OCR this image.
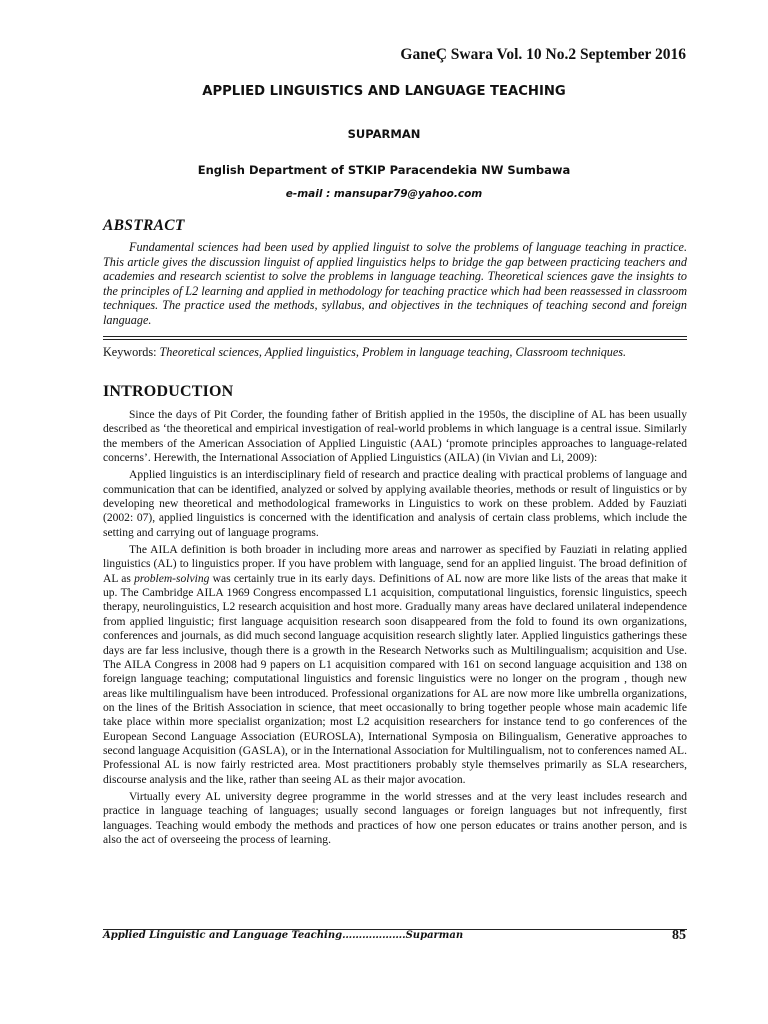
GaneÇ Swara Vol. 10 No.2 September 2016
APPLIED LINGUISTICS AND LANGUAGE TEACHING
SUPARMAN
English Department of STKIP Paracendekia NW Sumbawa
e-mail : mansupar79@yahoo.com
ABSTRACT

Fundamental sciences had been used by applied linguist to solve the problems of language teaching in practice. This article gives the discussion linguist of applied linguistics helps to bridge the gap between practicing teachers and academies and research scientist to solve the problems in language teaching. Theoretical sciences gave the insights to the principles of L2 learning and applied in methodology for teaching practice which had been reassessed in classroom techniques. The practice used the methods, syllabus, and objectives in the techniques of teaching second and foreign language.

Keywords: Theoretical sciences, Applied linguistics, Problem in language teaching, Classroom techniques.
INTRODUCTION

Since the days of Pit Corder, the founding father of British applied in the 1950s, the discipline of AL has been usually described as ‘the theoretical and empirical investigation of real-world problems in which language is a central issue. Similarly the members of the American Association of Applied Linguistic (AAL) ‘promote principles approaches to language-related concerns’. Herewith, the International Association of Applied Linguistics (AILA) (in Vivian and Li, 2009):

Applied linguistics is an interdisciplinary field of research and practice dealing with practical problems of language and communication that can be identified, analyzed or solved by applying available theories, methods or result of linguistics or by developing new theoretical and methodological frameworks in Linguistics to work on these problem. Added by Fauziati (2002: 07), applied linguistics is concerned with the identification and analysis of certain class problems, which include the setting and carrying out of language programs.

The AILA definition is both broader in including more areas and narrower as specified by Fauziati in relating applied linguistics (AL) to linguistics proper. If you have problem with language, send for an applied linguist. The broad definition of AL as problem-solving was certainly true in its early days. Definitions of AL now are more like lists of the areas that make it up. The Cambridge AILA 1969 Congress encompassed L1 acquisition, computational linguistics, forensic linguistics, speech therapy, neurolinguistics, L2 research acquisition and host more. Gradually many areas have declared unilateral independence from applied linguistic; first language acquisition research soon disappeared from the fold to found its own organizations, conferences and journals, as did much second language acquisition research slightly later. Applied linguistics gatherings these days are far less inclusive, though there is a growth in the Research Networks such as Multilingualism; acquisition and Use. The AILA Congress in 2008 had 9 papers on L1 acquisition compared with 161 on second language acquisition and 138 on foreign language teaching; computational linguistics and forensic linguistics were no longer on the program , though new areas like multilingualism have been introduced. Professional organizations for AL are now more like umbrella organizations, on the lines of the British Association in science, that meet occasionally to bring together people whose main academic life take place within more specialist organization; most L2 acquisition researchers for instance tend to go conferences of the European Second Language Association (EUROSLA), International Symposia on Bilingualism, Generative approaches to second language Acquisition (GASLA), or in the International Association for Multilingualism, not to conferences named AL. Professional AL is now fairly restricted area. Most practitioners probably style themselves primarily as SLA researchers, discourse analysis and the like, rather than seeing AL as their major avocation.

Virtually every AL university degree programme in the world stresses and at the very least includes research and practice in language teaching of languages; usually second languages or foreign languages but not infrequently, first languages. Teaching would embody the methods and practices of how one person educates or trains another person, and is also the act of overseeing the process of learning.

Applied Linguistic and Language Teaching……………….Suparman	85
